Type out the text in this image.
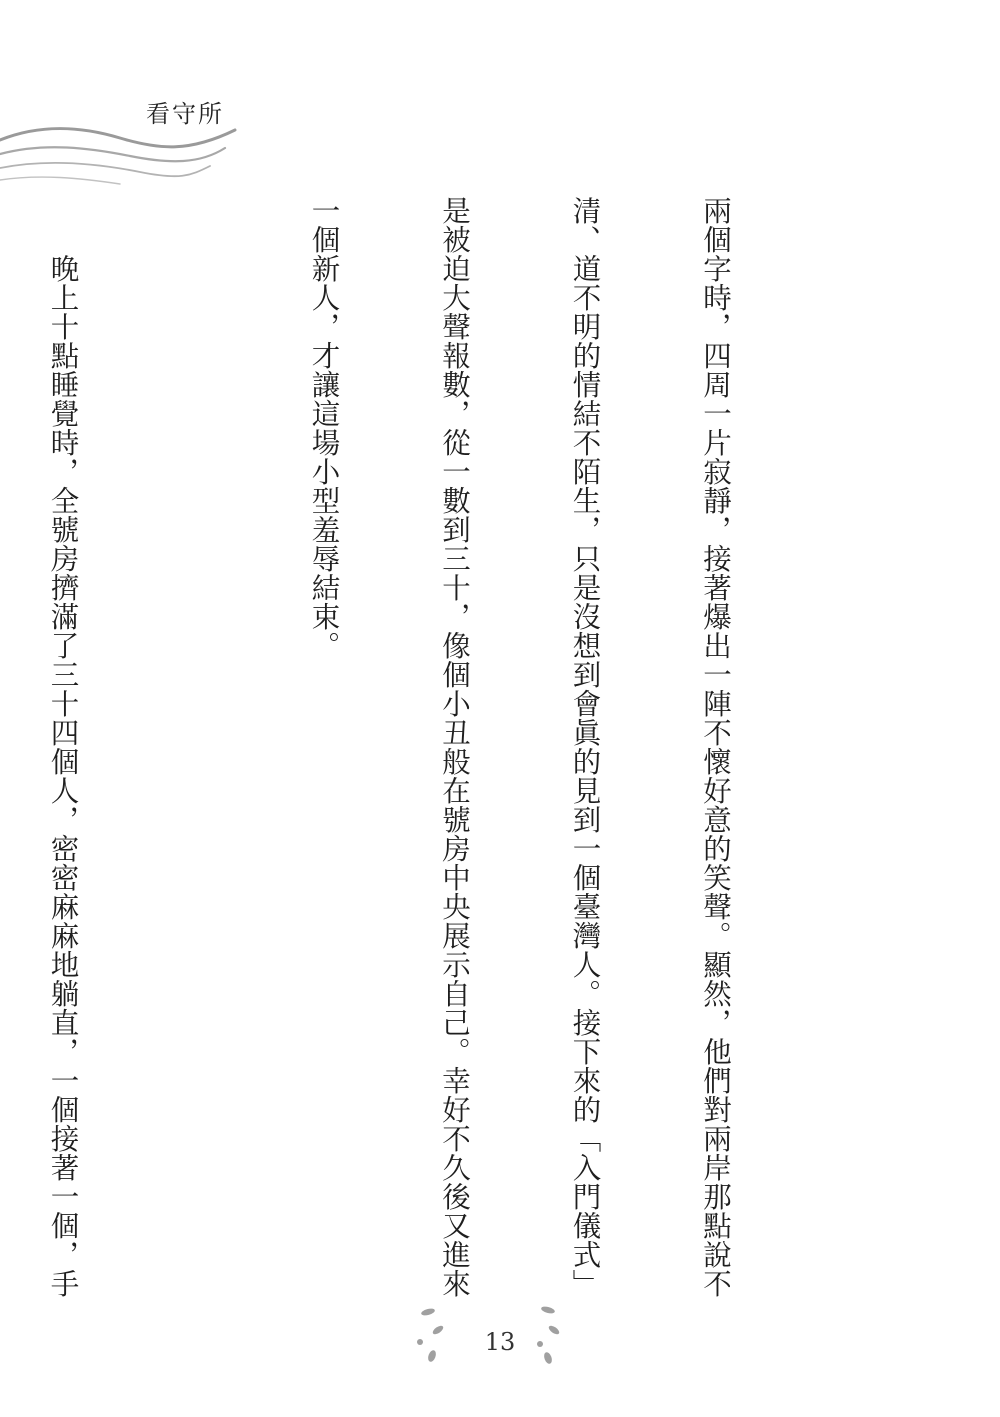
看守所

兩個字時，四周一片寂靜，接著爆出一陣不懷好意的笑聲。顯然，他們對兩岸那點說不

清、道不明的情結不陌生，只是沒想到會眞的見到一個臺灣人。接下來的「入門儀式」

是被迫大聲報數，從一數到三十，像個小丑般在號房中央展示自己。幸好不久後又進來

一個新人，才讓這場小型羞辱結束。

　　晚上十點睡覺時，全號房擠滿了三十四個人，密密麻麻地躺直，一個接著一個，手

13
